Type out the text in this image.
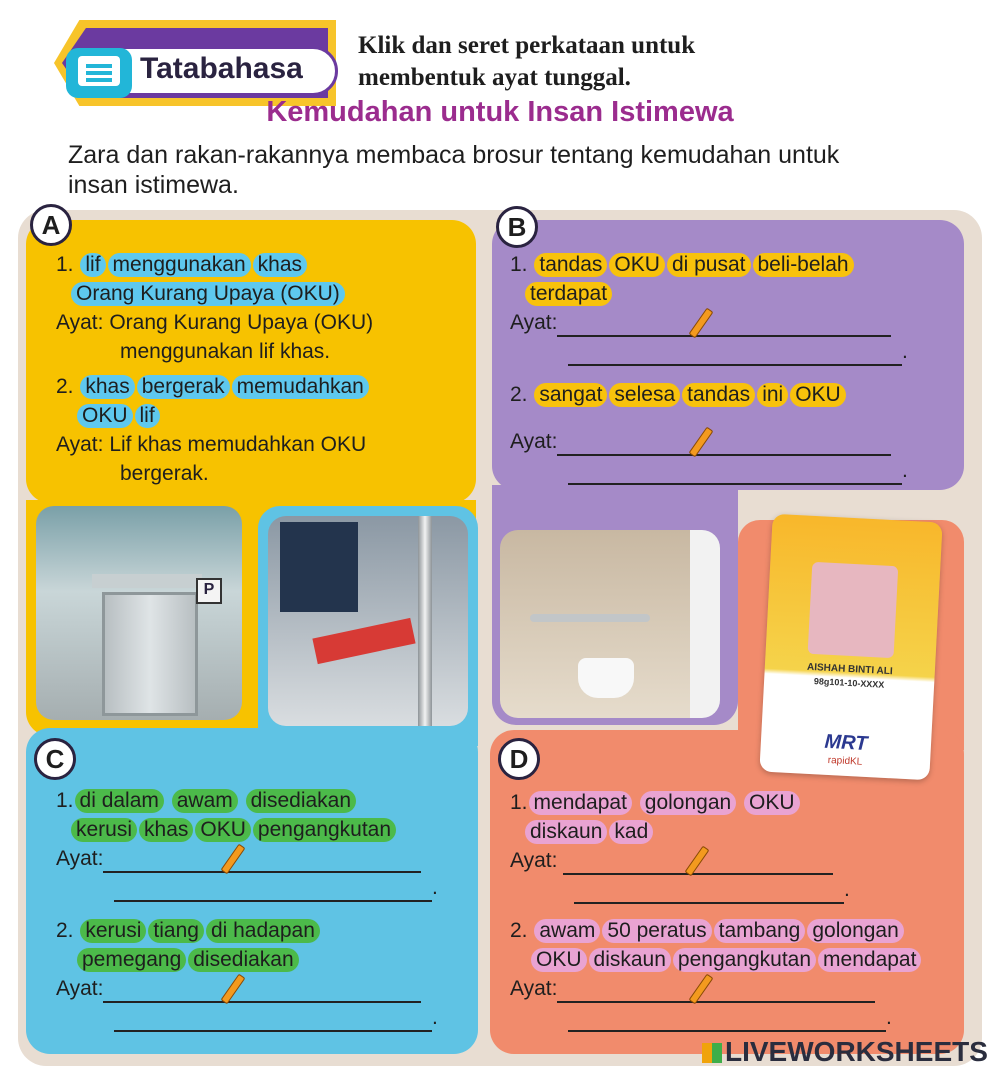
Tatabahasa
Klik dan seret perkataan untuk
membentuk ayat tunggal.
Kemudahan untuk Insan Istimewa
Zara dan rakan-rakannya membaca brosur tentang kemudahan untuk
insan istimewa.
A	B
C	D
1. lif menggunakan khas
Orang Kurang Upaya (OKU)
Ayat: Orang Kurang Upaya (OKU)
menggunakan lif khas.
2. khas bergerak memudahkan
OKU lif
Ayat: Lif khas memudahkan OKU
bergerak.
1. tandas OKU di pusat beli-belah
terdapat
Ayat:
.
2. sangat selesa tandas ini OKU
Ayat:
.
P
AISHAH BINTI ALI
98g101-10-XXXX
MRT
rapidKL
1. di dalam awam disediakan
kerusi khas OKU pengangkutan
Ayat:
.
2. kerusi tiang di hadapan
pemegang disediakan
Ayat:
.
1. mendapat golongan OKU
diskaun kad
Ayat:
.
2. awam 50 peratus tambang golongan
OKU diskaun pengangkutan mendapat
Ayat:
.
LIVEWORKSHEETS
